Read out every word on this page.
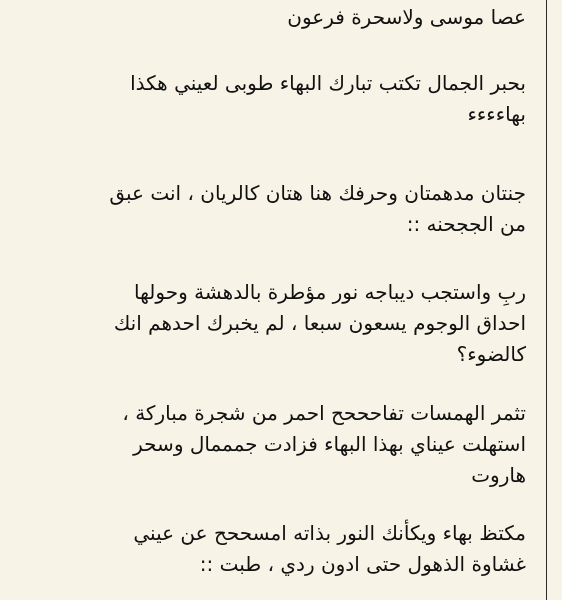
عصا موسى ولاسحرة فرعون
بحبر الجمال تكتب تبارك البهاء طوبى لعيني هكذا
بهاءءءء
جنتان مدهمتان وحرفك هنا هتان كالريان ، انت عبق
من الججحنه ::
ربِ واستجب ديباجه نور مؤطرة بالدهشة وحولها
احداق الوجوم يسعون سبعا ، لم يخبرك احدهم انك
كالضوء؟
تثمر الهمسات تفاحححح احمر من شجرة مباركة ،
استهلت عيناي بهذا البهاء فزادت جمممال وسحر
هاروت
مكتظ بهاء ويكأنك النور بذاته امسححح عن عيني
غشاوة الذهول حتى ادون ردي ، طبت ::
